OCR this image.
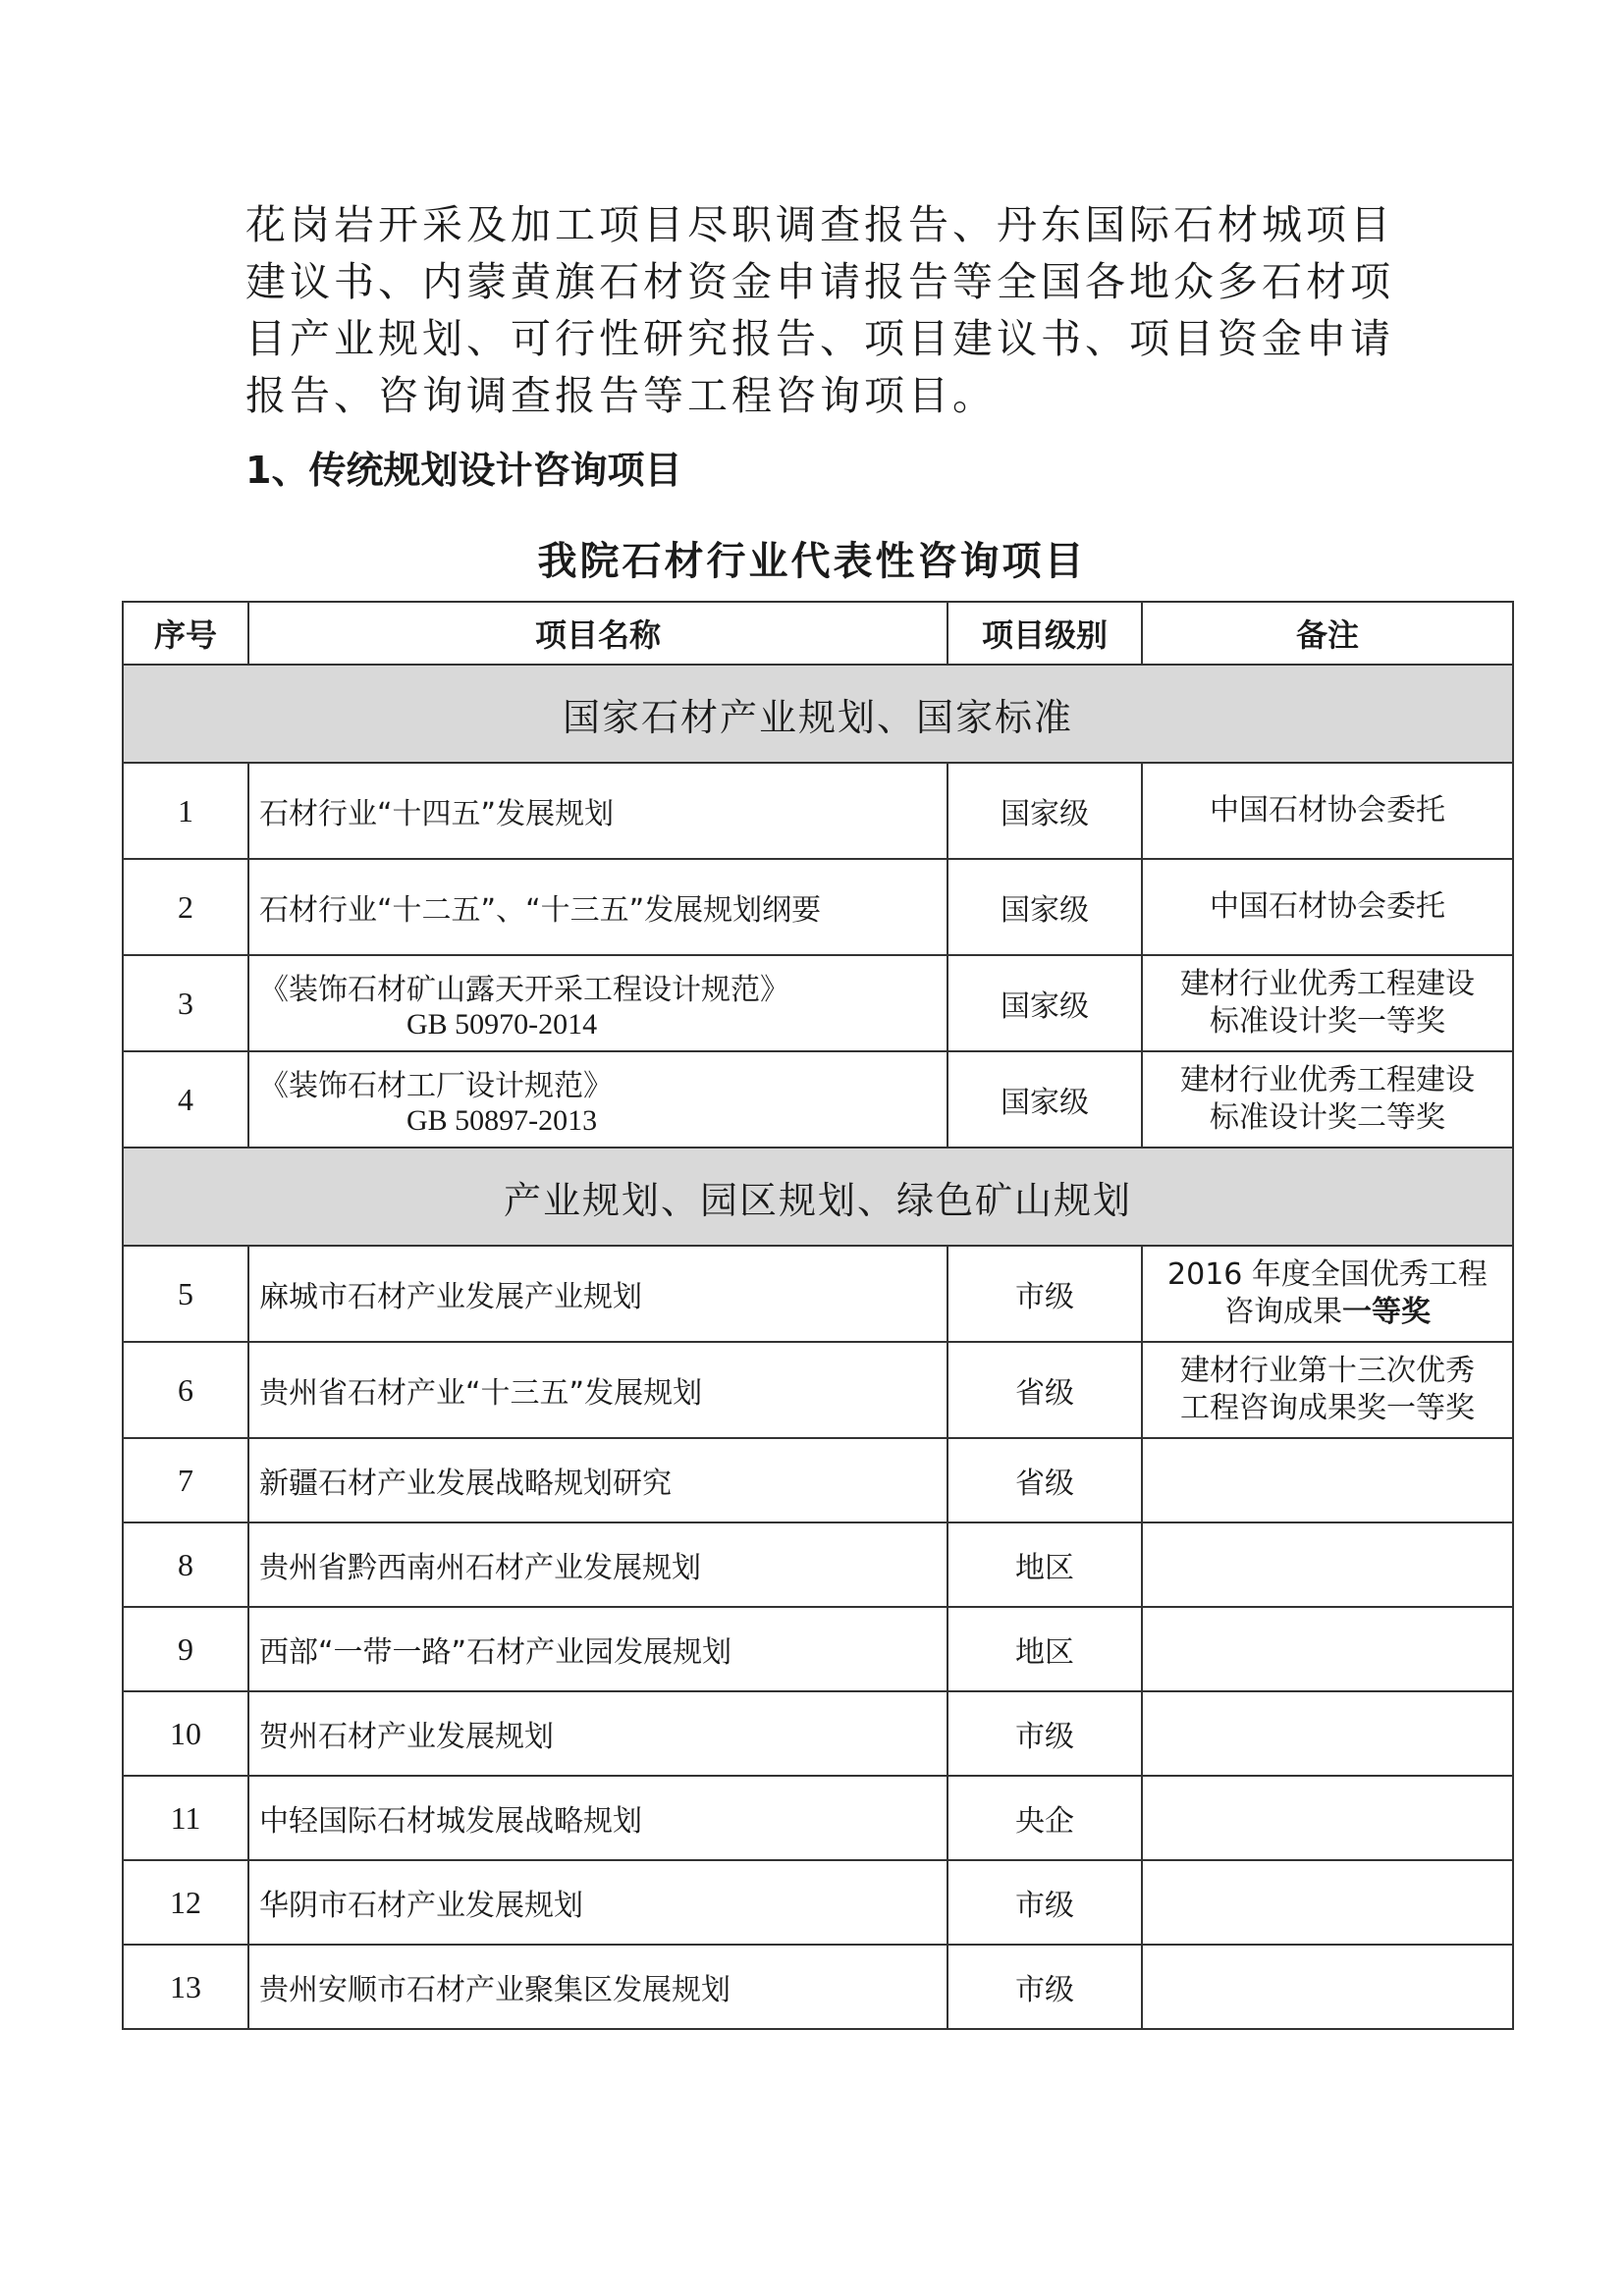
花岗岩开采及加工项目尽职调查报告、丹东国际石材城项目

建议书、内蒙黄旗石材资金申请报告等全国各地众多石材项

目产业规划、可行性研究报告、项目建议书、项目资金申请

报告、咨询调查报告等工程咨询项目。

1、传统规划设计咨询项目
我院石材行业代表性咨询项目
序号	项目名称	项目级别	备注
国家石材产业规划、国家标准			
1	石材行业“十四五”发展规划	国家级	中国石材协会委托
2	石材行业“十二五”、“十三五”发展规划纲要	国家级	中国石材协会委托
3	《装饰石材矿山露天开采工程设计规范》
GB 50970-2014	国家级	建材行业优秀工程建设
标准设计奖一等奖

4	《装饰石材工厂设计规范》
GB 50897-2013	国家级	建材行业优秀工程建设
标准设计奖二等奖

产业规划、园区规划、绿色矿山规划			
5	麻城市石材产业发展产业规划	市级	2016 年度全国优秀工程
咨询成果一等奖

6	贵州省石材产业“十三五”发展规划	省级	建材行业第十三次优秀
工程咨询成果奖一等奖

7	新疆石材产业发展战略规划研究	省级	
8	贵州省黔西南州石材产业发展规划	地区	
9	西部“一带一路”石材产业园发展规划	地区	
10	贺州石材产业发展规划	市级	
11	中轻国际石材城发展战略规划	央企	
12	华阴市石材产业发展规划	市级	
13	贵州安顺市石材产业聚集区发展规划	市级	
